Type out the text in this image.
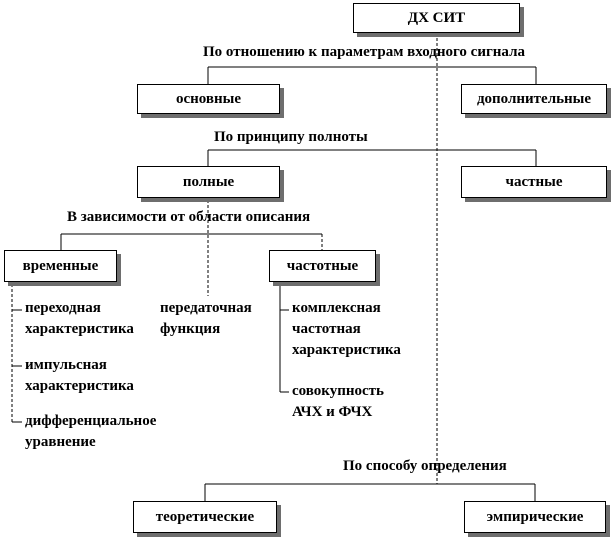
По отношению к параметрам входного сигнала
По принципу полноты
В зависимости от области описания
По способу определения
ДХ СИТ
основные	дополнительные
полные	частные
временные	частотные
теоретические	эмпирические
переходная
характеристика
импульсная
характеристика
дифференциальное
уравнение
передаточная
функция
комплексная
частотная
характеристика
совокупность
АЧХ и ФЧХ
